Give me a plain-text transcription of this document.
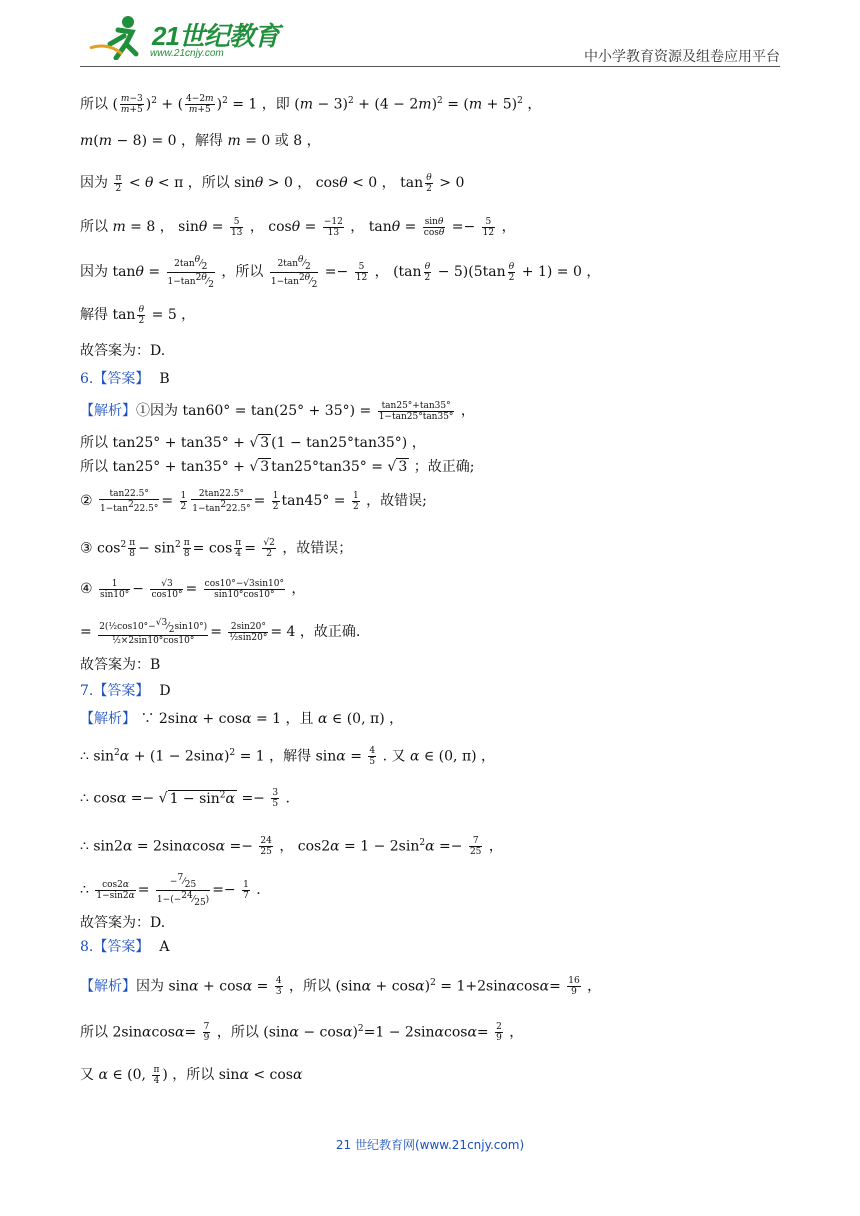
21世纪教育
www.21cnjy.com	中小学教育资源及组卷应用平台
所以 ( $\frac{m-3}{m+5} )^2$ + ( $\frac{4-2m}{m+5} )^2 = 1$ ，即 $(m - 3)^2 + (4 - 2m)^2 = (m + 5)^2$ ，
m(m − 8) = 0 ，解得 m = 0 或 8 ，
因为 $\frac{\pi}{2} < \theta < \pi$ ，所以 sinθ > 0 ， cosθ < 0 ， $\tan \frac{\theta}{2} > 0$
所以 m = 8 ， $\sin\theta = \frac{5}{13}$ ， $\cos\theta = \frac{-12}{13}$ ， $\tan\theta = \frac{\sin\theta}{\cos\theta} =- \frac{5}{12}$ ，
因为 $\tan\theta = \frac{2\tan^\theta⁄_2}{1-\tan^{2\theta}⁄_2}$ ，所以 $\frac{2\tan^\theta⁄_2}{1-\tan^{2\theta}⁄_2} =- \frac{5}{12}$ ， $(\tan \frac{\theta}{2} - 5)(5\tan \frac{\theta}{2} + 1) = 0$ ，
解得 $\tan \frac{\theta}{2} = 5$ ，
故答案为：D.
6.【答案】 B
【解析】①因为 $\tan 60^\circ = \tan(25^\circ + 35^\circ) = \frac{\tan 25^\circ+\tan 35^\circ}{1-\tan 25^\circ\tan 35^\circ}$ ，
所以 tan25° + tan35° + √ 3 (1 − tan25°tan35°) ，
所以 tan25° + tan35° + √ 3 tan25°tan35° = √ 3 ；故正确;
② $\frac{\tan 22.5^\circ}{1-\tan^222.5^\circ} = \frac{1}{2} \frac{2\tan 22.5^\circ}{1-\tan^222.5^\circ} = \frac{1}{2} \tan 45^\circ = \frac{1}{2}$ ，故错误;
③ $\cos^2 \frac{\pi}{8} - \sin^2 \frac{\pi}{8} = \cos \frac{\pi}{4} = \frac{√2}{2}$ ，故错误；
④ $\frac{1}{\sin 10^\circ} - \frac{√3}{\cos 10^\circ} = \frac{\cos 10^\circ-√3\sin 10^\circ}{\sin 10^\circ\cos 10^\circ}$ ，
= $\frac{2(\frac{1}{2}\cos 10^\circ-^{√3}⁄_2\sin 10^\circ)}{\text{½×2sin10°cos10°}} = \frac{2\sin 20^\circ}{\text{½sin20°}} = 4$ ，故正确.
故答案为：B
7.【答案】 D
【解析】 ∵ 2sinα + cosα = 1 ，且 α ∈ (0, π) ，
∴ $\sin^2\alpha + (1 - 2\sin\alpha)^2 = 1$ ，解得 $\sin\alpha = \frac{4}{5}$ . 又 α ∈ (0, π) ，
∴ cosα =− √ $1 - \sin^2\alpha =- \frac{3}{5}$ .
∴ $\sin 2\alpha = 2\sin\alpha\cos\alpha =- \frac{24}{25}$ ， $\cos 2\alpha = 1 - 2\sin^2\alpha =- \frac{7}{25}$ ，
∴ $\frac{\cos 2\alpha}{1-\sin 2\alpha} = \frac{-^7⁄_{25}}{1-(-^{24}⁄_{25})} =- \frac{1}{7}$ .
故答案为：D.
8.【答案】 A
【解析】因为 $\sin\alpha + \cos\alpha = \frac{4}{3}$ ，所以 $(\sin\alpha + \cos\alpha)^2 = 1+2\sin\alpha\cos\alpha= \frac{16}{9}$ ，
所以 $2\sin\alpha\cos\alpha= \frac{7}{9}$ ，所以 $(\sin\alpha - \cos\alpha)^2=1 - 2\sin\alpha\cos\alpha= \frac{2}{9}$ ，
又 α ∈ (0, $\frac{\pi}{4}$ ) ，所以 sinα < cosα
21 世纪教育网(www.21cnjy.com)
